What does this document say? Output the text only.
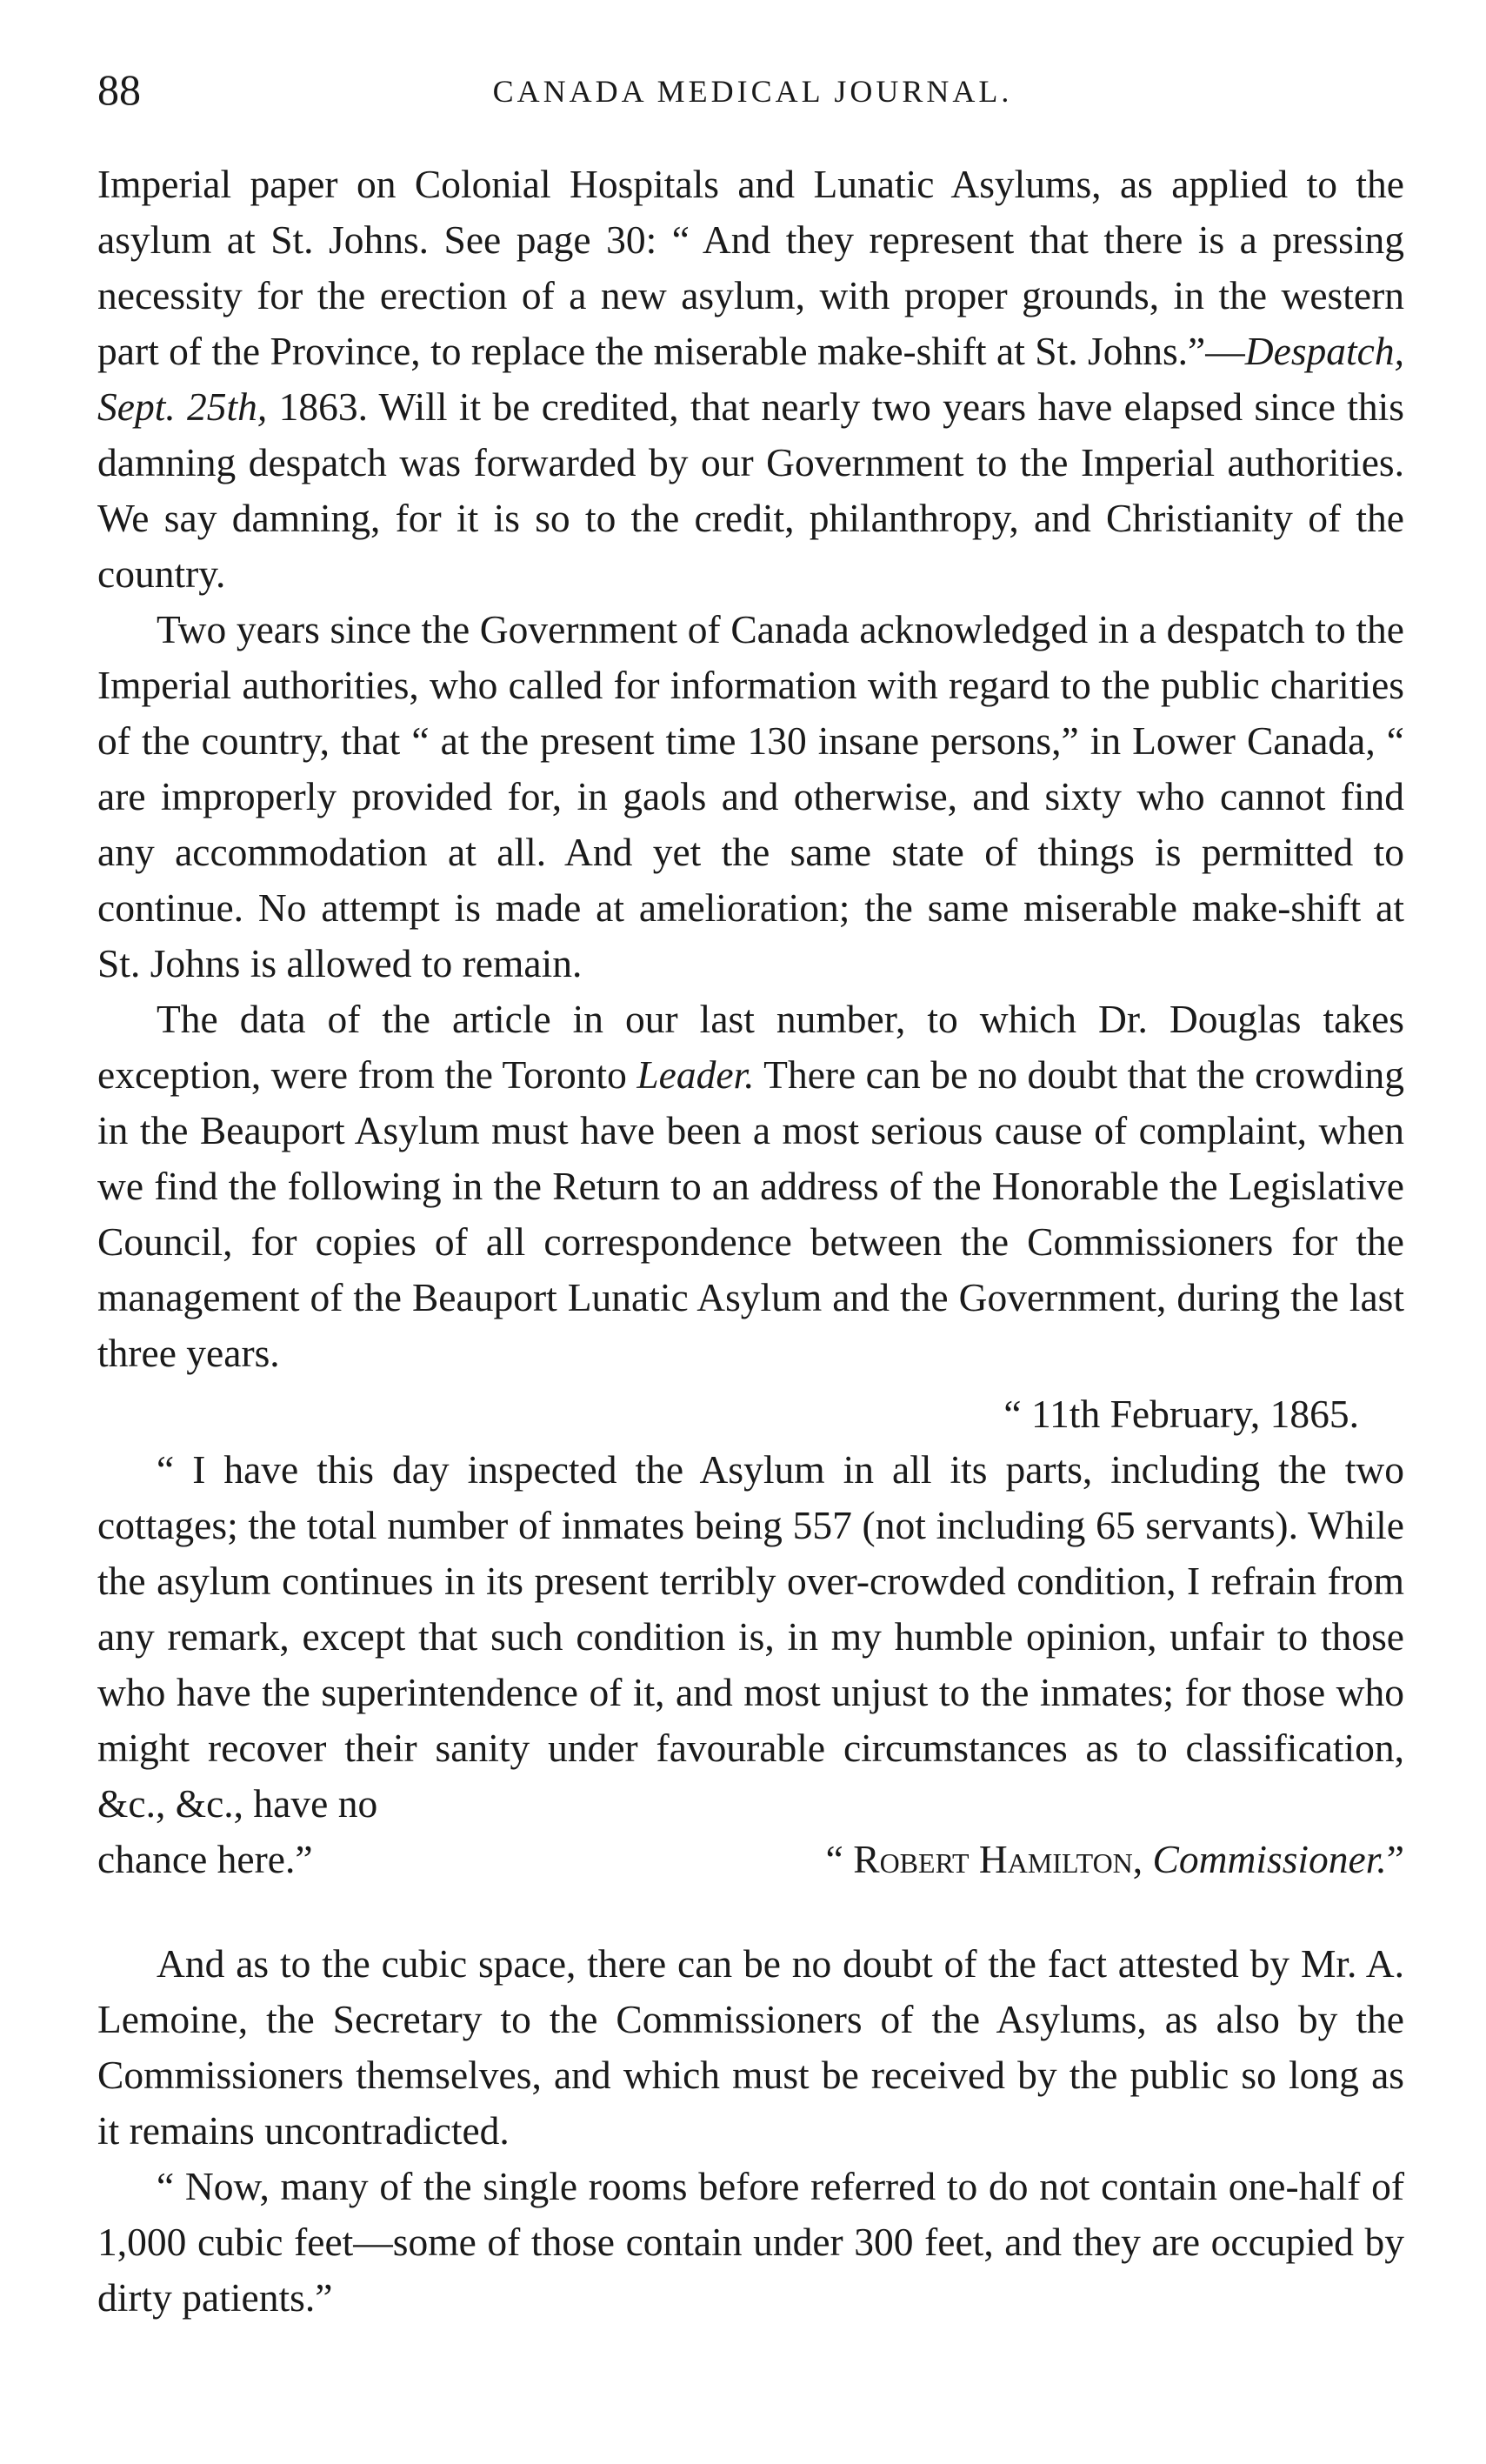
88	CANADA MEDICAL JOURNAL.

Imperial paper on Colonial Hospitals and Lunatic Asylums, as applied to the asylum at St. Johns. See page 30: “ And they represent that there is a pressing necessity for the erection of a new asylum, with proper grounds, in the western part of the Province, to replace the miserable make-shift at St. Johns.”—Despatch, Sept. 25th, 1863. Will it be credited, that nearly two years have elapsed since this damning despatch was forwarded by our Government to the Imperial authorities. We say damning, for it is so to the credit, philanthropy, and Christianity of the country.

Two years since the Government of Canada acknowledged in a despatch to the Imperial authorities, who called for information with regard to the public charities of the country, that “ at the present time 130 insane persons,” in Lower Canada, “ are improperly provided for, in gaols and otherwise, and sixty who cannot find any accommodation at all. And yet the same state of things is permitted to continue. No attempt is made at amelioration; the same miserable make-shift at St. Johns is allowed to remain.

The data of the article in our last number, to which Dr. Douglas takes exception, were from the Toronto Leader. There can be no doubt that the crowding in the Beauport Asylum must have been a most serious cause of complaint, when we find the following in the Return to an address of the Honorable the Legislative Council, for copies of all correspondence between the Commissioners for the management of the Beauport Lunatic Asylum and the Government, during the last three years.

“ 11th February, 1865.

“ I have this day inspected the Asylum in all its parts, including the two cottages; the total number of inmates being 557 (not including 65 servants). While the asylum continues in its present terribly over-crowded condition, I refrain from any remark, except that such condition is, in my humble opinion, unfair to those who have the superintendence of it, and most unjust to the inmates; for those who might recover their sanity under favourable circumstances as to classification, &c., &c., have no

chance here.”	“ Robert Hamilton, Commissioner.”

And as to the cubic space, there can be no doubt of the fact attested by Mr. A. Lemoine, the Secretary to the Commissioners of the Asylums, as also by the Commissioners themselves, and which must be received by the public so long as it remains uncontradicted.

“ Now, many of the single rooms before referred to do not contain one-half of 1,000 cubic feet—some of those contain under 300 feet, and they are occupied by dirty patients.”
